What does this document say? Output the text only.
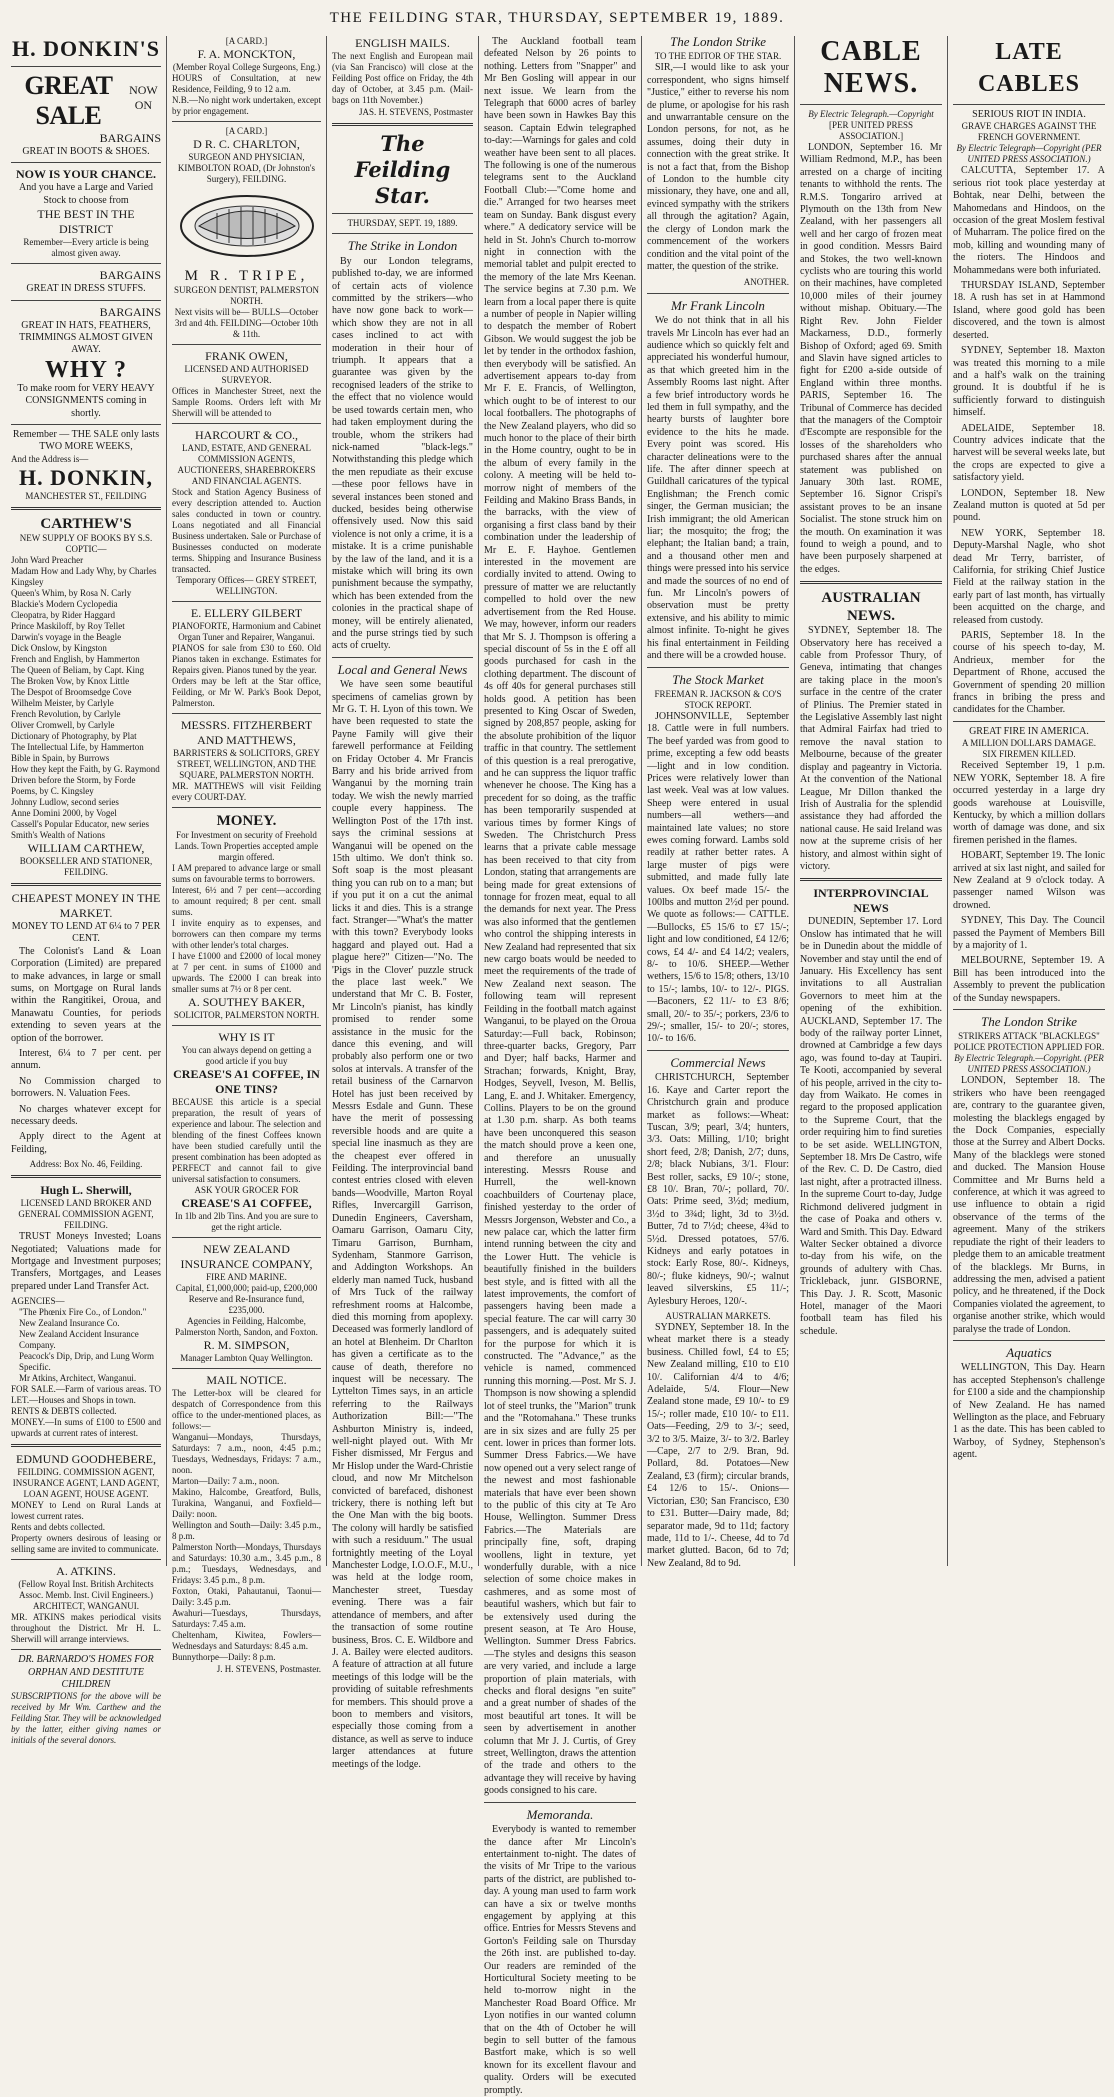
THE FEILDING STAR, THURSDAY, SEPTEMBER 19, 1889.
H. DONKIN'S
GREAT SALE
NOW ON
BARGAINS
GREAT IN BOOTS & SHOES.
NOW IS YOUR CHANCE.
And you have a Large and Varied Stock to choose from
THE BEST IN THE DISTRICT
Remember—Every article is being almost given away.
BARGAINS
GREAT IN DRESS STUFFS.
BARGAINS
GREAT IN HATS, FEATHERS, TRIMMINGS ALMOST GIVEN AWAY.
WHY ?
To make room for VERY HEAVY CONSIGNMENTS coming in shortly.
Remember — THE SALE only lasts TWO MORE WEEKS,
And the Address is—
H. DONKIN,
MANCHESTER ST., FEILDING
CARTHEW'S
NEW SUPPLY OF BOOKS BY S.S. COPTIC—
John Ward Preacher
Madam How and Lady Why, by Charles Kingsley
Queen's Whim, by Rosa N. Carly
Blackie's Modern Cyclopedia
Cleopatra, by Rider Haggard
Prince Maskiloff, by Roy Tellet
Darwin's voyage in the Beagle
Dick Onslow, by Kingston
French and English, by Hammerton
The Queen of Beliam, by Capt. King
The Broken Vow, by Knox Little
The Despot of Broomsedge Cove
Wilhelm Meister, by Carlyle
French Revolution, by Carlyle
Oliver Cromwell, by Carlyle
Dictionary of Photography, by Plat
The Intellectual Life, by Hammerton
Bible in Spain, by Burrows
How they kept the Faith, by G. Raymond
Driven before the Storm, by Forde
Poems, by C. Kingsley
Johnny Ludlow, second series
Anne Domini 2000, by Vogel
Cassell's Popular Educator, new series
Smith's Wealth of Nations
WILLIAM CARTHEW,
BOOKSELLER AND STATIONER, FEILDING.
CHEAPEST MONEY IN THE MARKET.
MONEY TO LEND AT 6¼ to 7 PER CENT.

The Colonist's Land & Loan Corporation (Limited) are prepared to make advances, in large or small sums, on Mortgage on Rural lands within the Rangitikei, Oroua, and Manawatu Counties, for periods extending to seven years at the option of the borrower.

Interest, 6¼ to 7 per cent. per annum.

No Commission charged to borrowers. N. Valuation Fees.

No charges whatever except for necessary deeds.

Apply direct to the Agent at Feilding,

Address: Box No. 46, Feilding.
Hugh L. Sherwill,
LICENSED LAND BROKER AND GENERAL COMMISSION AGENT, FEILDING.

TRUST Moneys Invested; Loans Negotiated; Valuations made for Mortgage and Investment purposes; Transfers, Mortgages, and Leases prepared under Land Transfer Act.

AGENCIES—
"The Phœnix Fire Co., of London."
New Zealand Insurance Co.
New Zealand Accident Insurance Company.
Peacock's Dip, Drip, and Lung Worm Specific.
Mr Atkins, Architect, Wanganui.
FOR SALE.—Farm of various areas. TO LET.—Houses and Shops in town.
RENTS & DEBTS collected.
MONEY.—In sums of £100 to £500 and upwards at current rates of interest.
EDMUND GOODHEBERE,
FEILDING. COMMISSION AGENT, INSURANCE AGENT, LAND AGENT, LOAN AGENT, HOUSE AGENT.
MONEY to Lend on Rural Lands at lowest current rates.
Rents and debts collected.
Property owners desirous of leasing or selling same are invited to communicate.
A. ATKINS.
(Fellow Royal Inst. British Architects Assoc. Memb. Inst. Civil Engineers.) ARCHITECT, WANGANUI.
MR. ATKINS makes periodical visits throughout the District. Mr H. L. Sherwill will arrange interviews.
DR. BARNARDO'S HOMES FOR ORPHAN AND DESTITUTE CHILDREN
SUBSCRIPTIONS for the above will be received by Mr Wm. Carthew and the Feilding Star. They will be acknowledged by the latter, either giving names or initials of the several donors.
[A CARD.]
F. A. MONCKTON,
(Member Royal College Surgeons, Eng.)
HOURS of Consultation, at new Residence, Feilding, 9 to 12 a.m.
N.B.—No night work undertaken, except by prior engagement.
[A CARD.]
D R. C. CHARLTON,
SURGEON AND PHYSICIAN, KIMBOLTON ROAD, (Dr Johnston's Surgery), FEILDING.
M R. TRIPE,
SURGEON DENTIST, PALMERSTON NORTH.
Next visits will be— BULLS—October 3rd and 4th. FEILDING—October 10th & 11th.
FRANK OWEN,
LICENSED AND AUTHORISED SURVEYOR.
Offices in Manchester Street, next the Sample Rooms. Orders left with Mr Sherwill will be attended to
HARCOURT & CO.,
LAND, ESTATE, AND GENERAL COMMISSION AGENTS, AUCTIONEERS, SHAREBROKERS AND FINANCIAL AGENTS.
Stock and Station Agency Business of every description attended to. Auction sales conducted in town or country. Loans negotiated and all Financial Business undertaken. Sale or Purchase of Businesses conducted on moderate terms. Shipping and Insurance Business transacted.
Temporary Offices— GREY STREET, WELLINGTON.
E. ELLERY GILBERT
PIANOFORTE, Harmonium and Cabinet Organ Tuner and Repairer, Wanganui.
PIANOS for sale from £30 to £60. Old Pianos taken in exchange. Estimates for Repairs given. Pianos tuned by the year.
Orders may be left at the Star office, Feilding, or Mr W. Park's Book Depot, Palmerston.
MESSRS. FITZHERBERT AND MATTHEWS,
BARRISTERS & SOLICITORS, GREY STREET, WELLINGTON, AND THE SQUARE, PALMERSTON NORTH.
MR. MATTHEWS will visit Feilding every COURT-DAY.
MONEY.
For Investment on security of Freehold Lands. Town Properties accepted ample margin offered.
I AM prepared to advance large or small sums on favourable terms to borrowers.
Interest, 6½ and 7 per cent—according to amount required; 8 per cent. small sums.
I invite enquiry as to expenses, and borrowers can then compare my terms with other lender's total charges.
I have £1000 and £2000 of local money at 7 per cent. in sums of £1000 and upwards. The £2000 I can break into smaller sums at 7½ or 8 per cent.
A. SOUTHEY BAKER,
SOLICITOR, PALMERSTON NORTH.
WHY IS IT
You can always depend on getting a good article if you buy
CREASE'S A1 COFFEE, IN ONE TINS?
BECAUSE this article is a special preparation, the result of years of experience and labour. The selection and blending of the finest Coffees known have been studied carefully until the present combination has been adopted as PERFECT and cannot fail to give universal satisfaction to consumers.
ASK YOUR GROCER FOR
CREASE'S A1 COFFEE,
In 1lb and 2lb Tins. And you are sure to get the right article.
NEW ZEALAND INSURANCE COMPANY,
FIRE AND MARINE.
Capital, £1,000,000; paid-up, £200,000 Reserve and Re-Insurance fund, £235,000.
Agencies in Feilding, Halcombe, Palmerston North, Sandon, and Foxton.
R. M. SIMPSON,
Manager Lambton Quay Wellington.
MAIL NOTICE.
The Letter-box will be cleared for despatch of Correspondence from this office to the under-mentioned places, as follows:—
Wanganui—Mondays, Thursdays, Saturdays: 7 a.m., noon, 4:45 p.m.; Tuesdays, Wednesdays, Fridays: 7 a.m., noon.
Marton—Daily: 7 a.m., noon.
Makino, Halcombe, Greatford, Bulls, Turakina, Wanganui, and Foxfield—Daily: noon.
Wellington and South—Daily: 3.45 p.m., 8 p.m.
Palmerston North—Mondays, Thursdays and Saturdays: 10.30 a.m., 3.45 p.m., 8 p.m.; Tuesdays, Wednesdays, and Fridays: 3.45 p.m., 8 p.m.
Foxton, Otaki, Pahautanui, Taonui—Daily: 3.45 p.m.
Awahuri—Tuesdays, Thursdays, Saturdays: 7.45 a.m.
Cheltenham, Kiwitea, Fowlers—Wednesdays and Saturdays: 8.45 a.m.
Bunnythorpe—Daily: 8 p.m.
J. H. STEVENS, Postmaster.
ENGLISH MAILS.
The next English and European mail (via San Francisco) will close at the Feilding Post office on Friday, the 4th day of October, at 3.45 p.m. (Mail-bags on 11th November.)
JAS. H. STEVENS, Postmaster
The Feilding Star.
THURSDAY, SEPT. 19, 1889.
The Strike in London

By our London telegrams, published to-day, we are informed of certain acts of violence committed by the strikers—who have now gone back to work—which show they are not in all cases inclined to act with moderation in their hour of triumph. It appears that a guarantee was given by the recognised leaders of the strike to the effect that no violence would be used towards certain men, who had taken employment during the trouble, whom the strikers had nick-named "black-legs." Notwithstanding this pledge which the men repudiate as their excuse—these poor fellows have in several instances been stoned and ducked, besides being otherwise offensively used. Now this said violence is not only a crime, it is a mistake. It is a crime punishable by the law of the land, and it is a mistake which will bring its own punishment because the sympathy, which has been extended from the colonies in the practical shape of money, will be entirely alienated, and the purse strings tied by such acts of cruelty.

Local and General News

We have seen some beautiful specimens of camelias grown by Mr G. T. H. Lyon of this town. We have been requested to state the Payne Family will give their farewell performance at Feilding on Friday October 4. Mr Francis Barry and his bride arrived from Wanganui by the morning train today. We wish the newly married couple every happiness. The Wellington Post of the 17th inst. says the criminal sessions at Wanganui will be opened on the 15th ultimo. We don't think so. Soft soap is the most pleasant thing you can rub on to a man; but if you put it on a cut the animal licks it and dies. This is a strange fact. Stranger—"What's the matter with this town? Everybody looks haggard and played out. Had a plague here?" Citizen—"No. The 'Pigs in the Clover' puzzle struck the place last week." We understand that Mr C. B. Foster, Mr Lincoln's pianist, has kindly promised to render some assistance in the music for the dance this evening, and will probably also perform one or two solos at intervals. A transfer of the retail business of the Carnarvon Hotel has just been received by Messrs Esdale and Gunn. These have the merit of possessing reversible hoods and are quite a special line inasmuch as they are the cheapest ever offered in Feilding. The interprovincial band contest entries closed with eleven bands—Woodville, Marton Royal Rifles, Invercargill Garrison, Dunedin Engineers, Caversham, Oamaru Garrison, Oamaru City, Timaru Garrison, Burnham, Sydenham, Stanmore Garrison, and Addington Workshops. An elderly man named Tuck, husband of Mrs Tuck of the railway refreshment rooms at Halcombe, died this morning from apoplexy. Deceased was formerly landlord of an hotel at Blenheim. Dr Charlton has given a certificate as to the cause of death, therefore no inquest will be necessary. The Lyttelton Times says, in an article referring to the Railways Authorization Bill:—"The Ashburton Ministry is, indeed, well-night played out. With Mr Fisher dismissed, Mr Fergus and Mr Hislop under the Ward-Christie cloud, and now Mr Mitchelson convicted of barefaced, dishonest trickery, there is nothing left but the One Man with the big boots. The colony will hardly be satisfied with such a residuum." The usual fortnightly meeting of the Loyal Manchester Lodge, I.O.O.F., M.U., was held at the lodge room, Manchester street, Tuesday evening. There was a fair attendance of members, and after the transaction of some routine business, Bros. C. E. Wildbore and J. A. Bailey were elected auditors. A feature of attraction at all future meetings of this lodge will be the providing of suitable refreshments for members. This should prove a boon to members and visitors, especially those coming from a distance, as well as serve to induce larger attendances at future meetings of the lodge.

The Auckland football team defeated Nelson by 26 points to nothing. Letters from "Snapper" and Mr Ben Gosling will appear in our next issue. We learn from the Telegraph that 6000 acres of barley have been sown in Hawkes Bay this season. Captain Edwin telegraphed to-day:—Warnings for gales and cold weather have been sent to all places. The following is one of the numerous telegrams sent to the Auckland Football Club:—"Come home and die." Arranged for two hearses meet team on Sunday. Bank disgust every where." A dedicatory service will be held in St. John's Church to-morrow night in connection with the memorial tablet and pulpit erected to the memory of the late Mrs Keenan. The service begins at 7.30 p.m. We learn from a local paper there is quite a number of people in Napier willing to despatch the member of Robert Gibson. We would suggest the job be let by tender in the orthodox fashion, then everybody will be satisfied. An advertisement appears to-day from Mr F. E. Francis, of Wellington, which ought to be of interest to our local footballers. The photographs of the New Zealand players, who did so much honor to the place of their birth in the Home country, ought to be in the album of every family in the colony. A meeting will be held to-morrow night of members of the Feilding and Makino Brass Bands, in the barracks, with the view of organising a first class band by their combination under the leadership of Mr E. F. Hayhoe. Gentlemen interested in the movement are cordially invited to attend. Owing to pressure of matter we are reluctantly compelled to hold over the new advertisement from the Red House. We may, however, inform our readers that Mr S. J. Thompson is offering a special discount of 5s in the £ off all goods purchased for cash in the clothing department. The discount of 4s off 40s for general purchases still holds good. A petition has been presented to King Oscar of Sweden, signed by 208,857 people, asking for the absolute prohibition of the liquor traffic in that country. The settlement of this question is a real prerogative, and he can suppress the liquor traffic whenever he choose. The King has a precedent for so doing, as the traffic has been temporarily suspended at various times by former Kings of Sweden. The Christchurch Press learns that a private cable message has been received to that city from London, stating that arrangements are being made for great extensions of tonnage for frozen meat, equal to all the demands for next year. The Press was also informed that the gentlemen who control the shipping interests in New Zealand had represented that six new cargo boats would be needed to meet the requirements of the trade of New Zealand next season. The following team will represent Feilding in the football match against Wanganui, to be played on the Oroua Saturday:—Full back, Robinson; three-quarter backs, Gregory, Parr and Dyer; half backs, Harmer and Strachan; forwards, Knight, Bray, Hodges, Seyvell, Iveson, M. Bellis, Lang, E. and J. Whitaker. Emergency, Collins. Players to be on the ground at 1.30 p.m. sharp. As both teams have been unconquered this season the match should prove a keen one, and therefore an unusually interesting. Messrs Rouse and Hurrell, the well-known coachbuilders of Courtenay place, finished yesterday to the order of Messrs Jorgenson, Webster and Co., a new palace car, which the latter firm intend running between the city and the Lower Hutt. The vehicle is beautifully finished in the builders best style, and is fitted with all the latest improvements, the comfort of passengers having been made a special feature. The car will carry 30 passengers, and is adequately suited for the purpose for which it is constructed. The "Advance," as the vehicle is named, commenced running this morning.—Post. Mr S. J. Thompson is now showing a splendid lot of steel trunks, the "Marion" trunk and the "Rotomahana." These trunks are in six sizes and are fully 25 per cent. lower in prices than former lots. Summer Dress Fabrics.—We have now opened out a very select range of the newest and most fashionable materials that have ever been shown to the public of this city at Te Aro House, Wellington. Summer Dress Fabrics.—The Materials are principally fine, soft, draping woollens, light in texture, yet wonderfully durable, with a nice selection of some choice makes in cashmeres, and as some most of beautiful washers, which but fair to be extensively used during the present season, at Te Aro House, Wellington. Summer Dress Fabrics.—The styles and designs this season are very varied, and include a large proportion of plain materials, with checks and floral designs "en suite" and a great number of shades of the most beautiful art tones. It will be seen by advertisement in another column that Mr J. J. Curtis, of Grey street, Wellington, draws the attention of the trade and others to the advantage they will receive by having goods consigned to his care.

Memoranda.

Everybody is wanted to remember the dance after Mr Lincoln's entertainment to-night. The dates of the visits of Mr Tripe to the various parts of the district, are published to-day. A young man used to farm work can have a six or twelve months engagement by applying at this office. Entries for Messrs Stevens and Gorton's Feilding sale on Thursday the 26th inst. are published to-day. Our readers are reminded of the Horticultural Society meeting to be held to-morrow night in the Manchester Road Board Office. Mr Lyon notifies in our wanted column that on the 4th of October he will begin to sell butter of the famous Bastfort make, which is so well known for its excellent flavour and quality. Orders will be executed promptly.

The London Strike
TO THE EDITOR OF THE STAR.

SIR,—I would like to ask your correspondent, who signs himself "Justice," either to reverse his nom de plume, or apologise for his rash and unwarrantable censure on the London persons, for not, as he assumes, doing their duty in connection with the great strike. It is not a fact that, from the Bishop of London to the humble city missionary, they have, one and all, evinced sympathy with the strikers all through the agitation? Again, the clergy of London mark the commencement of the workers condition and the vital point of the matter, the question of the strike.

ANOTHER.
Mr Frank Lincoln

We do not think that in all his travels Mr Lincoln has ever had an audience which so quickly felt and appreciated his wonderful humour, as that which greeted him in the Assembly Rooms last night. After a few brief introductory words he led them in full sympathy, and the hearty bursts of laughter bore evidence to the hits he made. Every point was scored. His character delineations were to the life. The after dinner speech at Guildhall caricatures of the typical Englishman; the French comic singer, the German musician; the Irish immigrant; the old American liar; the mosquito; the frog; the elephant; the Italian band; a train, and a thousand other men and things were pressed into his service and made the sources of no end of fun. Mr Lincoln's powers of observation must be pretty extensive, and his ability to mimic almost infinite. To-night he gives his final entertainment in Feilding and there will be a crowded house.

The Stock Market
FREEMAN R. JACKSON & CO'S STOCK REPORT.

JOHNSONVILLE, September 18. Cattle were in full numbers. The beef yarded was from good to prime, excepting a few odd beasts—light and in low condition. Prices were relatively lower than last week. Veal was at low values. Sheep were entered in usual numbers—all wethers—and maintained late values; no store ewes coming forward. Lambs sold readily at rather better rates. A large muster of pigs were submitted, and made fully late values. Ox beef made 15/- the 100lbs and mutton 2½d per pound. We quote as follows:— CATTLE.—Bullocks, £5 15/6 to £7 15/-; light and low conditioned, £4 12/6; cows, £4 4/- and £4 14/2; vealers, 8/- to 10/6. SHEEP.—Wether wethers, 15/6 to 15/8; others, 13/10 to 15/-; lambs, 10/- to 12/-. PIGS.—Baconers, £2 11/- to £3 8/6; small, 20/- to 35/-; porkers, 23/6 to 29/-; smaller, 15/- to 20/-; stores, 10/- to 16/6.

Commercial News

CHRISTCHURCH, September 16. Kaye and Carter report the Christchurch grain and produce market as follows:—Wheat: Tuscan, 3/9; pearl, 3/4; hunters, 3/3. Oats: Milling, 1/10; bright short feed, 2/8; Danish, 2/7; duns, 2/8; black Nubians, 3/1. Flour: Best roller, sacks, £9 10/-; stone, £8 10/. Bran, 70/-; pollard, 70/. Oats: Prime seed, 3½d; medium, 3½d to 3¾d; light, 3d to 3½d. Butter, 7d to 7½d; cheese, 4¾d to 5½d. Dressed potatoes, 57/6. Kidneys and early potatoes in stock: Early Rose, 80/-. Kidneys, 80/-; fluke kidneys, 90/-; walnut leaved silverskins, £5 11/-; Aylesbury Heroes, 120/-.

AUSTRALIAN MARKETS.

SYDNEY, September 18. In the wheat market there is a steady business. Chilled fowl, £4 to £5; New Zealand milling, £10 to £10 10/. Californian 4/4 to 4/6; Adelaide, 5/4. Flour—New Zealand stone made, £9 10/- to £9 15/-; roller made, £10 10/- to £11. Oats—Feeding, 2/9 to 3/-; seed, 3/2 to 3/5. Maize, 3/- to 3/2. Barley—Cape, 2/7 to 2/9. Bran, 9d. Pollard, 8d. Potatoes—New Zealand, £3 (firm); circular brands, £4 12/6 to 15/-. Onions—Victorian, £30; San Francisco, £30 to £31. Butter—Dairy made, 8d; separator made, 9d to 11d; factory made, 11d to 1/-. Cheese, 4d to 7d market glutted. Bacon, 6d to 7d; New Zealand, 8d to 9d.

CABLE NEWS.
By Electric Telegraph.—Copyright
[PER UNITED PRESS ASSOCIATION.]

LONDON, September 16. Mr William Redmond, M.P., has been arrested on a charge of inciting tenants to withhold the rents. The R.M.S. Tongariro arrived at Plymouth on the 13th from New Zealand, with her passengers all well and her cargo of frozen meat in good condition. Messrs Baird and Stokes, the two well-known cyclists who are touring this world on their machines, have completed 10,000 miles of their journey without mishap. Obituary.—The Right Rev. John Fielder Mackarness, D.D., formerly Bishop of Oxford; aged 69. Smith and Slavin have signed articles to fight for £200 a-side outside of England within three months. PARIS, September 16. The Tribunal of Commerce has decided that the managers of the Comptoir d'Escompte are responsible for the losses of the shareholders who purchased shares after the annual statement was published on January 30th last. ROME, September 16. Signor Crispi's assistant proves to be an insane Socialist. The stone struck him on the mouth. On examination it was found to weigh a pound, and to have been purposely sharpened at the edges.

AUSTRALIAN NEWS.

SYDNEY, September 18. The Observatory here has received a cable from Professor Thury, of Geneva, intimating that changes are taking place in the moon's surface in the centre of the crater of Plinius. The Premier stated in the Legislative Assembly last night that Admiral Fairfax had tried to remove the naval station to Melbourne, because of the greater display and pageantry in Victoria. At the convention of the National League, Mr Dillon thanked the Irish of Australia for the splendid assistance they had afforded the national cause. He said Ireland was now at the supreme crisis of her history, and almost within sight of victory.

INTERPROVINCIAL NEWS

DUNEDIN, September 17. Lord Onslow has intimated that he will be in Dunedin about the middle of November and stay until the end of January. His Excellency has sent invitations to all Australian Governors to meet him at the opening of the exhibition. AUCKLAND, September 17. The body of the railway porter Linnet, drowned at Cambridge a few days ago, was found to-day at Taupiri. Te Kooti, accompanied by several of his people, arrived in the city to-day from Waikato. He comes in regard to the proposed application to the Supreme Court, that the order requiring him to find sureties to be set aside. WELLINGTON, September 18. Mrs De Castro, wife of the Rev. C. D. De Castro, died last night, after a protracted illness. In the supreme Court to-day, Judge Richmond delivered judgment in the case of Poaka and others v. Ward and Smith. This Day. Edward Walter Secker obtained a divorce to-day from his wife, on the grounds of adultery with Chas. Trickleback, junr. GISBORNE, This Day. J. R. Scott, Masonic Hotel, manager of the Maori football team has filed his schedule.

LATE CABLES
SERIOUS RIOT IN INDIA.
GRAVE CHARGES AGAINST THE FRENCH GOVERNMENT.
By Electric Telegraph—Copyright (PER UNITED PRESS ASSOCIATION.)

CALCUTTA, September 17. A serious riot took place yesterday at Bohtak, near Delhi, between the Mahomedans and Hindoos, on the occasion of the great Moslem festival of Muharram. The police fired on the mob, killing and wounding many of the rioters. The Hindoos and Mohammedans were both infuriated.

THURSDAY ISLAND, September 18. A rush has set in at Hammond Island, where good gold has been discovered, and the town is almost deserted.

SYDNEY, September 18. Maxton was treated this morning to a mile and a half's walk on the training ground. It is doubtful if he is sufficiently forward to distinguish himself.

ADELAIDE, September 18. Country advices indicate that the harvest will be several weeks late, but the crops are expected to give a satisfactory yield.

LONDON, September 18. New Zealand mutton is quoted at 5d per pound.

NEW YORK, September 18. Deputy-Marshal Nagle, who shot dead Mr Terry, barrister, of California, for striking Chief Justice Field at the railway station in the early part of last month, has virtually been acquitted on the charge, and released from custody.

PARIS, September 18. In the course of his speech to-day, M. Andrieux, member for the Department of Rhone, accused the Government of spending 20 million francs in bribing the press and candidates for the Chamber.

GREAT FIRE IN AMERICA.
A MILLION DOLLARS DAMAGE.
SIX FIREMEN KILLED.

Received September 19, 1 p.m. NEW YORK, September 18. A fire occurred yesterday in a large dry goods warehouse at Louisville, Kentucky, by which a million dollars worth of damage was done, and six firemen perished in the flames.

HOBART, September 19. The Ionic arrived at six last night, and sailed for New Zealand at 9 o'clock today. A passenger named Wilson was drowned.

SYDNEY, This Day. The Council passed the Payment of Members Bill by a majority of 1.

MELBOURNE, September 19. A Bill has been introduced into the Assembly to prevent the publication of the Sunday newspapers.

The London Strike
STRIKERS ATTACK "BLACKLEGS"
POLICE PROTECTION APPLIED FOR.
By Electric Telegraph.—Copyright. (PER UNITED PRESS ASSOCIATION.)

LONDON, September 18. The strikers who have been reengaged are, contrary to the guarantee given, molesting the blacklegs engaged by the Dock Companies, especially those at the Surrey and Albert Docks. Many of the blacklegs were stoned and ducked. The Mansion House Committee and Mr Burns held a conference, at which it was agreed to use influence to obtain a rigid observance of the terms of the agreement. Many of the strikers repudiate the right of their leaders to pledge them to an amicable treatment of the blacklegs. Mr Burns, in addressing the men, advised a patient policy, and he threatened, if the Dock Companies violated the agreement, to organise another strike, which would paralyse the trade of London.

Aquatics

WELLINGTON, This Day. Hearn has accepted Stephenson's challenge for £100 a side and the championship of New Zealand. He has named Wellington as the place, and February 1 as the date. This has been cabled to Warboy, of Sydney, Stephenson's agent.
